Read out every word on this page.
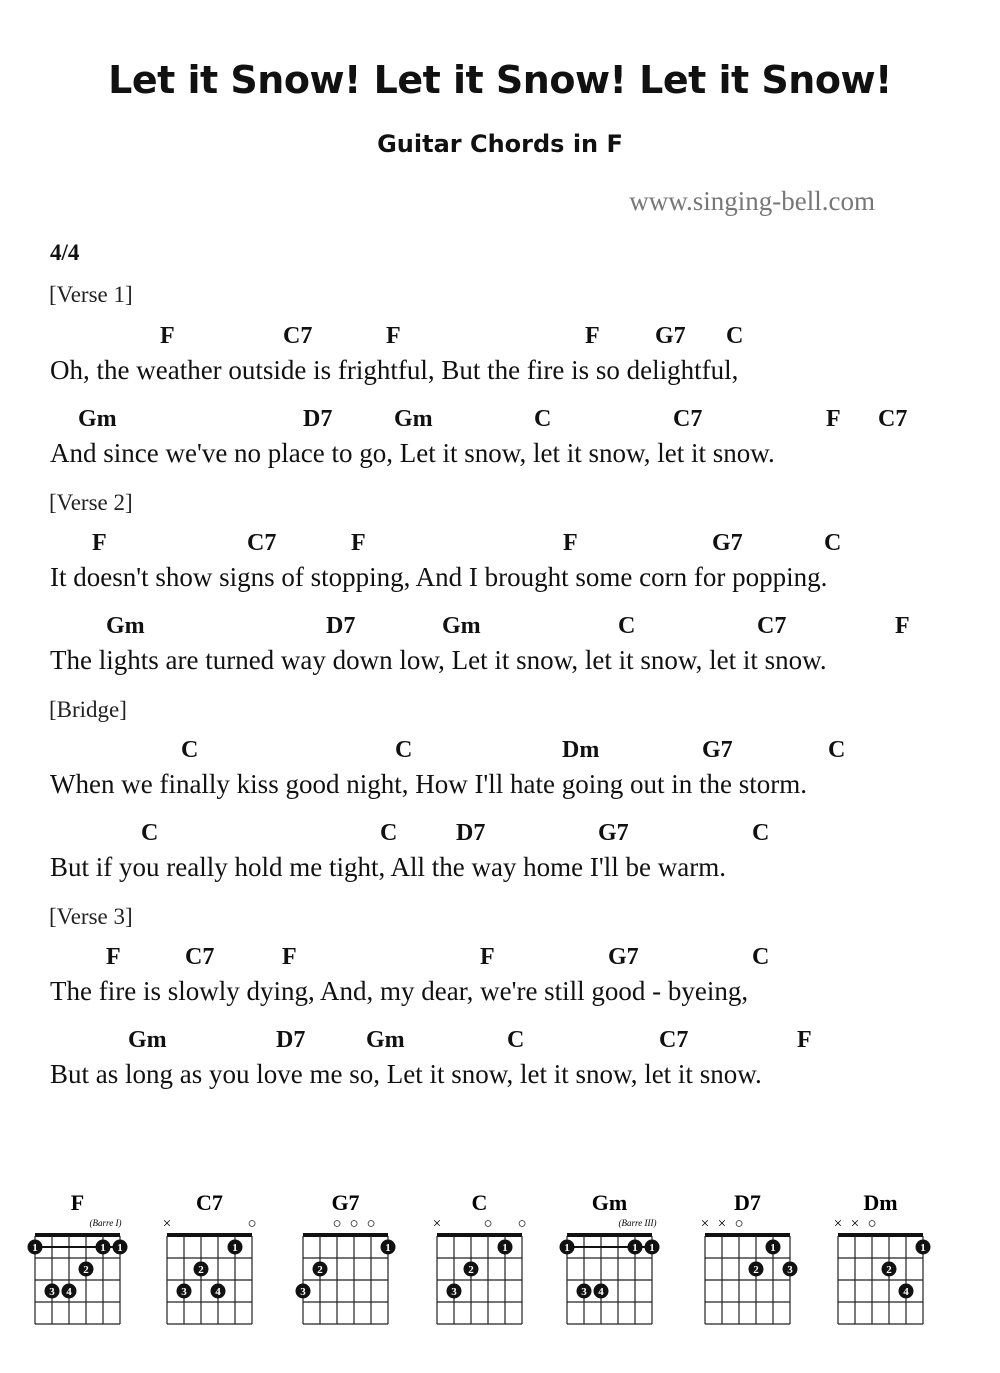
Let it Snow! Let it Snow! Let it Snow!
Guitar Chords in F
www.singing-bell.com
4/4
[Verse 1]
F	C7	F	F G7 C
Oh, the weather outside is frightful, But the fire is so delightful,
Gm	D7	Gm	C	C7	F C7
And since we've no place to go, Let it snow, let it snow, let it snow.
[Verse 2]
F	C7	F	F	G7	C
It doesn't show signs of stopping, And I brought some corn for popping.
Gm	D7	Gm	C	C7	F
The lights are turned way down low, Let it snow, let it snow, let it snow.
[Bridge]
C	C	Dm	G7	C
When we finally kiss good night, How I'll hate going out in the storm.
C	C D7	G7	C
But if you really hold me tight, All the way home I'll be warm.
[Verse 3]
F	C7	F	F	G7	C
The fire is slowly dying, And, my dear, we're still good - byeing,
Gm	D7	Gm	C	C7	F
But as long as you love me so, Let it snow, let it snow, let it snow.
F
(Barre I)
1	1 1
2
3 4
C7
×	○
1
2
3	4
G7
○ ○ ○
1
2
3
C
×	○ ○
1
2
3
Gm
(Barre III)
1	1 1
3 4
D7
× × ○
1
2	3
Dm
× × ○
1
2
4
